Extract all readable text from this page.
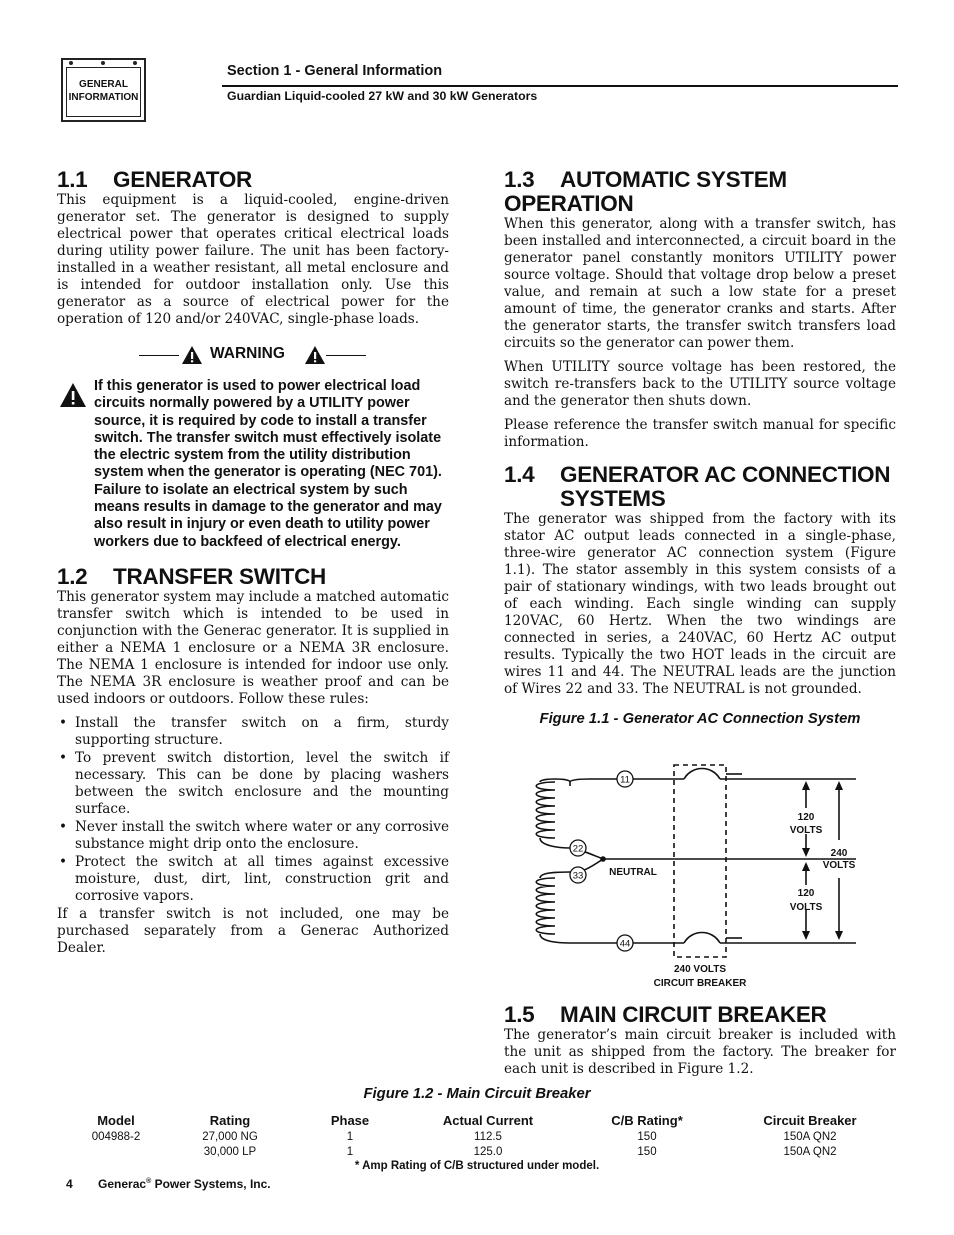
GENERAL
INFORMATION
Section 1 - General Information
Guardian Liquid-cooled 27 kW and 30 kW Generators
1.1 GENERATOR

This equipment is a liquid-cooled, engine-driven generator set. The generator is designed to supply electrical power that operates critical electrical loads during utility power failure. The unit has been factory-installed in a weather resistant, all metal enclosure and is intended for outdoor installation only. Use this generator as a source of electrical power for the operation of 120 and/or 240VAC, single-phase loads.

WARNING

If this generator is used to power electrical load circuits normally powered by a UTILITY power source, it is required by code to install a transfer switch. The transfer switch must effectively isolate the electric system from the utility distribution system when the generator is operating (NEC 701). Failure to isolate an electrical system by such means results in damage to the generator and may also result in injury or even death to utility power workers due to backfeed of electrical energy.

1.2 TRANSFER SWITCH

This generator system may include a matched automatic transfer switch which is intended to be used in conjunction with the Generac generator. It is supplied in either a NEMA 1 enclosure or a NEMA 3R enclosure. The NEMA 1 enclosure is intended for indoor use only. The NEMA 3R enclosure is weather proof and can be used indoors or outdoors. Follow these rules:

• Install the transfer switch on a firm, sturdy supporting structure.
• To prevent switch distortion, level the switch if necessary. This can be done by placing washers between the switch enclosure and the mounting surface.
• Never install the switch where water or any corrosive substance might drip onto the enclosure.
• Protect the switch at all times against excessive moisture, dust, dirt, lint, construction grit and corrosive vapors.

If a transfer switch is not included, one may be purchased separately from a Generac Authorized Dealer.

1.3 AUTOMATIC SYSTEM OPERATION

When this generator, along with a transfer switch, has been installed and interconnected, a circuit board in the generator panel constantly monitors UTILITY power source voltage. Should that voltage drop below a preset value, and remain at such a low state for a preset amount of time, the generator cranks and starts. After the generator starts, the transfer switch transfers load circuits so the generator can power them.

When UTILITY source voltage has been restored, the switch re-transfers back to the UTILITY source voltage and the generator then shuts down.

Please reference the transfer switch manual for specific information.

1.4 GENERATOR AC CONNECTION
SYSTEMS

The generator was shipped from the factory with its stator AC output leads connected in a single-phase, three-wire generator AC connection system (Figure 1.1). The stator assembly in this system consists of a pair of stationary windings, with two leads brought out of each winding. Each single winding can supply 120VAC, 60 Hertz. When the two windings are connected in series, a 240VAC, 60 Hertz AC output results. Typically the two HOT leads in the circuit are wires 11 and 44. The NEUTRAL leads are the junction of Wires 22 and 33. The NEUTRAL is not grounded.

Figure 1.1 - Generator AC Connection System
11
22
33
44
NEUTRAL
120
VOLTS
240
VOLTS
120
VOLTS
240 VOLTS
CIRCUIT BREAKER
1.5 MAIN CIRCUIT BREAKER

The generator’s main circuit breaker is included with the unit as shipped from the factory. The breaker for each unit is described in Figure 1.2.

Figure 1.2 - Main Circuit Breaker
Model	Rating	Phase	Actual Current	C/B Rating*	Circuit Breaker
004988-2	27,000 NG	1	112.5	150	150A QN2
	30,000 LP	1	125.0	150	150A QN2
* Amp Rating of C/B structured under model.
4 Generac® Power Systems, Inc.
